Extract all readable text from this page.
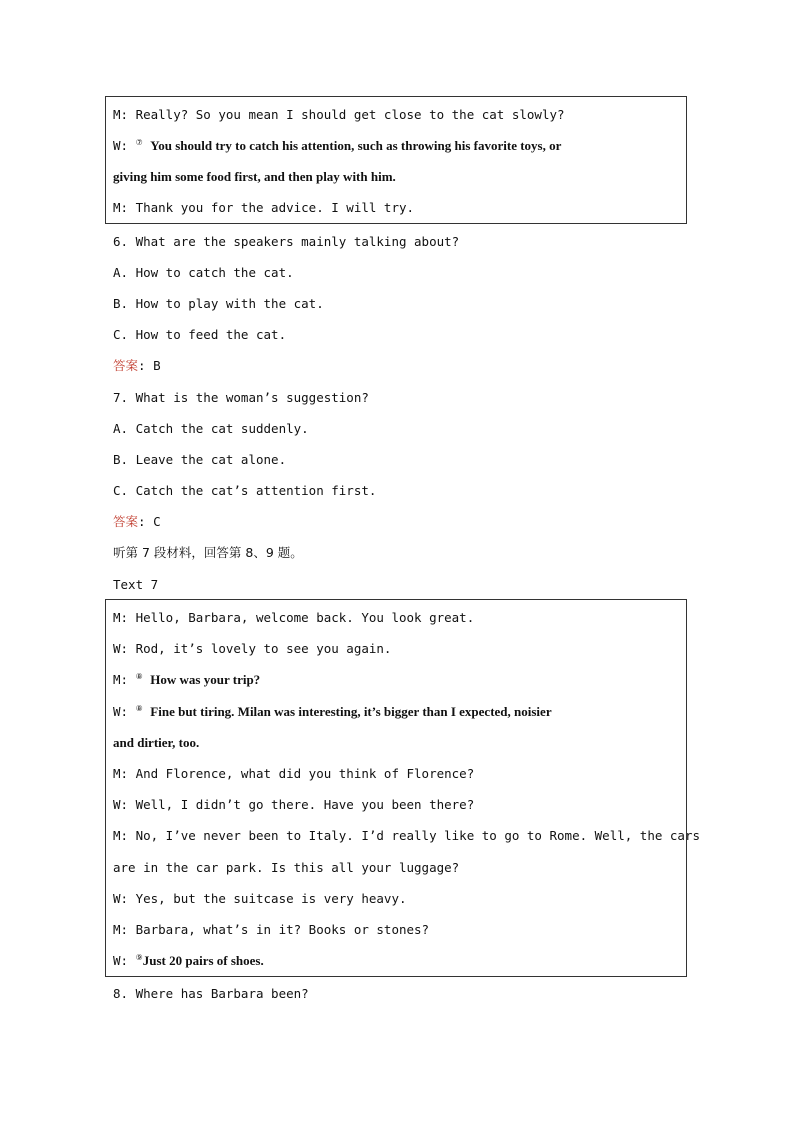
M: Really? So you mean I should get close to the cat slowly?
W: ⑦ You should try to catch his attention, such as throwing his favorite toys, or
giving him some food first, and then play with him.
M: Thank you for the advice. I will try.
6. What are the speakers mainly talking about?
A. How to catch the cat.
B. How to play with the cat.
C. How to feed the cat.
答案: B
7. What is the woman’s suggestion?
A. Catch the cat suddenly.
B. Leave the cat alone.
C. Catch the cat’s attention first.
答案: C
听第 7 段材料，回答第 8、9 题。
Text 7
M: Hello, Barbara, welcome back. You look great.
W: Rod, it’s lovely to see you again.
M: ⑧ How was your trip?
W: ⑧ Fine but tiring. Milan was interesting, it’s bigger than I expected, noisier
and dirtier, too.
M: And Florence, what did you think of Florence?
W: Well, I didn’t go there. Have you been there?
M: No, I’ve never been to Italy. I’d really like to go to Rome. Well, the cars
are in the car park. Is this all your luggage?
W: Yes, but the suitcase is very heavy.
M: Barbara, what’s in it? Books or stones?
W: ⑨Just 20 pairs of shoes.
8. Where has Barbara been?
